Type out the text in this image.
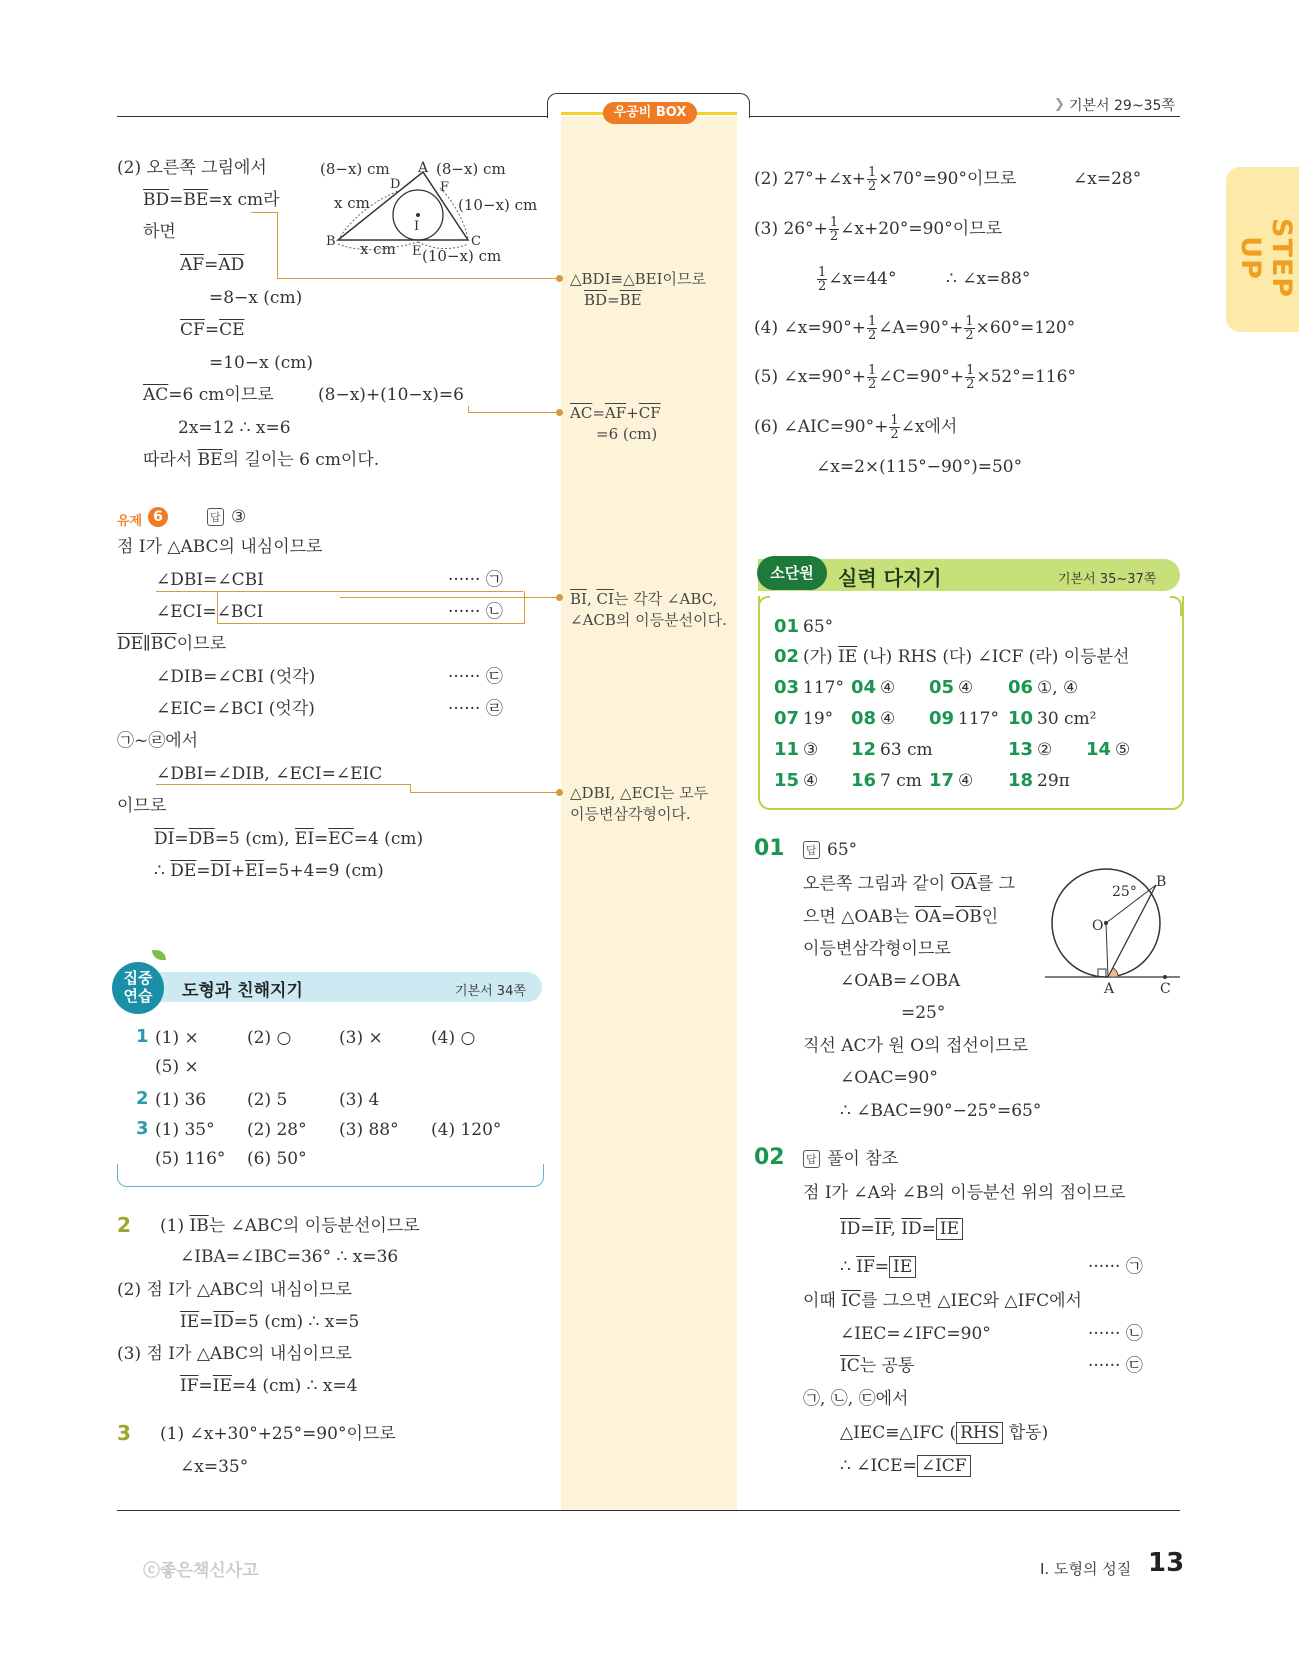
우공비 BOX
❯ 기본서 29~35쪽
STEP UP
(2) 오른쪽 그림에서
$\overline{BD}=\overline{BE}=x$ cm라
하면
$\overline{AF}=\overline{AD}$
=8−x (cm)
$\overline{CF}=\overline{CE}$
=10−x (cm)
$\overline{AC}=6$ cm이므로	(8−x)+(10−x)=6
2x=12 ∴ x=6
따라서 $\overline{BE}$의 길이는 6 cm이다.
(8−x) cm A (8−x) cm
D	F
x cm	(10−x) cm
I
B	C
x cm E (10−x) cm
유제 6	답 ③
점 I가 △ABC의 내심이므로
∠DBI=∠CBI	······ ㉠
∠ECI=∠BCI	······ ㉡
$\overline{DE}\parallel\overline{BC}$이므로
∠DIB=∠CBI (엇각)	······ ㉢
∠EIC=∠BCI (엇각)	······ ㉣
㉠~㉣에서
∠DBI=∠DIB, ∠ECI=∠EIC
이므로
$\overline{DI}=\overline{DB}=5$ (cm), $\overline{EI}=\overline{EC}=4$ (cm)
∴ $\overline{DE}=\overline{DI}+\overline{EI}=5+4=9$ (cm)
△BDI≡△BEI이므로
$\overline{BD}=\overline{BE}$
$\overline{AC}=\overline{AF}+\overline{CF}$
=6 (cm)
$\overline{BI}$, $\overline{CI}$는 각각 ∠ABC,
∠ACB의 이등분선이다.
△DBI, △ECI는 모두
이등변삼각형이다.
집중
연습	도형과 친해지기	기본서 34쪽
1 (1) ×	(2) ○	(3) ×	(4) ○
(5) ×
2 (1) 36 (2) 5	(3) 4
3 (1) 35° (2) 28° (3) 88° (4) 120°
(5) 116° (6) 50°
2 (1) $\overline{IB}$는 ∠ABC의 이등분선이므로
∠IBA=∠IBC=36° ∴ x=36
(2) 점 I가 △ABC의 내심이므로
$\overline{IE}=\overline{ID}=5$ (cm) ∴ x=5
(3) 점 I가 △ABC의 내심이므로
$\overline{IF}=\overline{IE}=4$ (cm) ∴ x=4
3 (1) ∠x+30°+25°=90°이므로
∠x=35°
(2) 27°+∠x+ $\frac{1}{2} \times 70^\circ=90^\circ$이므로	∠x=28°
(3) $26^\circ+ \frac{1}{2}$ ∠x+20°=90°이므로
$\frac{1}{2}$ ∠x=44°	∴ ∠x=88°
(4) ∠x=90°+ $\frac{1}{2}$ ∠A=90°+ $\frac{1}{2} \times 60^\circ=120^\circ$
(5) ∠x=90°+ $\frac{1}{2}$ ∠C=90°+ $\frac{1}{2} \times 52^\circ=116^\circ$
(6) ∠AIC=90°+ $\frac{1}{2}$ ∠x에서
∠x=2×(115°−90°)=50°
소단원	실력 다지기	기본서 35~37쪽
01 65°
02 (가) $\overline{IE}$ (나) RHS (다) ∠ICF (라) 이등분선
03 117° 04 ④ 05 ④ 06 ①, ④
07 19° 08 ④ 09 117° 10 30 cm²
11 ③ 12 63 cm	13 ② 14 ⑤
15 ④ 16 7 cm 17 ④ 18 29π
01 답 65°
오른쪽 그림과 같이 $\overline{OA}$를 그
으면 △OAB는 $\overline{OA}=\overline{OB}$인
이등변삼각형이므로
∠OAB=∠OBA
=25°
직선 AC가 원 O의 접선이므로
∠OAC=90°
∴ ∠BAC=90°−25°=65°
25°
B
O
A	C
02 답 풀이 참조
점 I가 ∠A와 ∠B의 이등분선 위의 점이므로
$\overline{ID}=\overline{IF}$, $\overline{ID}= \overline{IE}$
∴ $\overline{IF}= \overline{IE}$	······ ㉠
이때 $\overline{IC}$를 그으면 △IEC와 △IFC에서
∠IEC=∠IFC=90°	······ ㉡
$\overline{IC}$는 공통	······ ㉢
㉠, ㉡, ㉢에서
△IEC≡△IFC ( RHS 합동)
∴ ∠ICE= ∠ICF
ⓒ좋은책신사고	I. 도형의 성질 13
